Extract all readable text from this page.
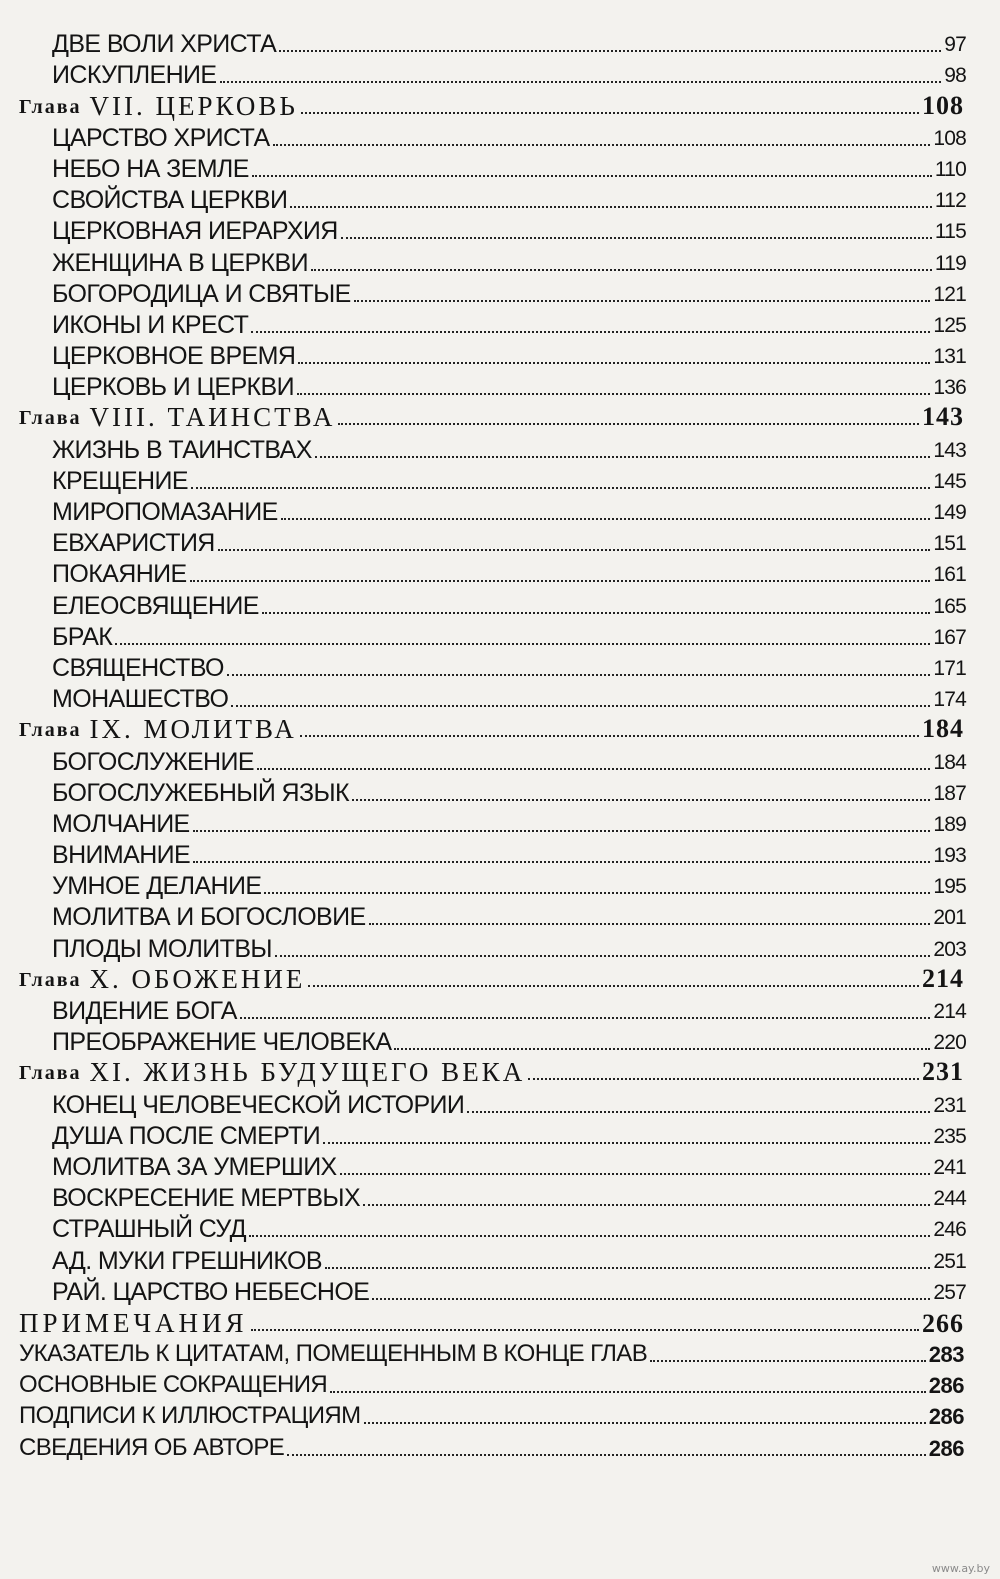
ДВЕ ВОЛИ ХРИСТА	97
ИСКУПЛЕНИЕ	98
Глава VII. ЦЕРКОВЬ	108
ЦАРСТВО ХРИСТА	108
НЕБО НА ЗЕМЛЕ	110
СВОЙСТВА ЦЕРКВИ	112
ЦЕРКОВНАЯ ИЕРАРХИЯ	115
ЖЕНЩИНА В ЦЕРКВИ	119
БОГОРОДИЦА И СВЯТЫЕ	121
ИКОНЫ И КРЕСТ	125
ЦЕРКОВНОЕ ВРЕМЯ	131
ЦЕРКОВЬ И ЦЕРКВИ	136
Глава VIII. ТАИНСТВА	143
ЖИЗНЬ В ТАИНСТВАХ	143
КРЕЩЕНИЕ	145
МИРОПОМАЗАНИЕ	149
ЕВХАРИСТИЯ	151
ПОКАЯНИЕ	161
ЕЛЕОСВЯЩЕНИЕ	165
БРАК	167
СВЯЩЕНСТВО	171
МОНАШЕСТВО	174
Глава IX. МОЛИТВА	184
БОГОСЛУЖЕНИЕ	184
БОГОСЛУЖЕБНЫЙ ЯЗЫК	187
МОЛЧАНИЕ	189
ВНИМАНИЕ	193
УМНОЕ ДЕЛАНИЕ	195
МОЛИТВА И БОГОСЛОВИЕ	201
ПЛОДЫ МОЛИТВЫ	203
Глава X. ОБОЖЕНИЕ	214
ВИДЕНИЕ БОГА	214
ПРЕОБРАЖЕНИЕ ЧЕЛОВЕКА	220
Глава XI. ЖИЗНЬ БУДУЩЕГО ВЕКА	231
КОНЕЦ ЧЕЛОВЕЧЕСКОЙ ИСТОРИИ	231
ДУША ПОСЛЕ СМЕРТИ	235
МОЛИТВА ЗА УМЕРШИХ	241
ВОСКРЕСЕНИЕ МЕРТВЫХ	244
СТРАШНЫЙ СУД	246
АД. МУКИ ГРЕШНИКОВ	251
РАЙ. ЦАРСТВО НЕБЕСНОЕ	257
ПРИМЕЧАНИЯ	266
УКАЗАТЕЛЬ К ЦИТАТАМ, ПОМЕЩЕННЫМ В КОНЦЕ ГЛАВ	283
ОСНОВНЫЕ СОКРАЩЕНИЯ	286
ПОДПИСИ К ИЛЛЮСТРАЦИЯМ	286
СВЕДЕНИЯ ОБ АВТОРЕ	286
www.ay.by
